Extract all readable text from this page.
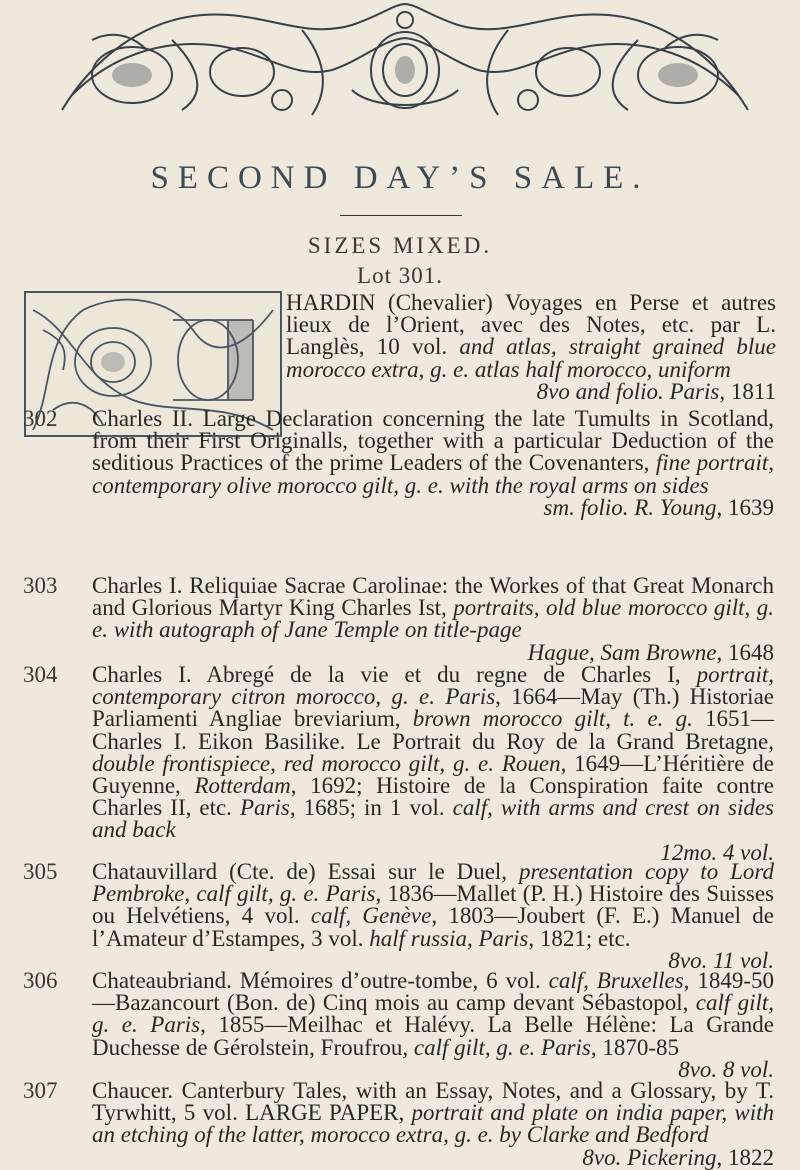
SECOND DAY’S SALE.
SIZES MIXED.
Lot 301.
HARDIN (Chevalier) Voyages en Perse et autres lieux de l’Orient, avec des Notes, etc. par L. Langlès, 10 vol. and atlas, straight grained blue morocco extra, g. e. atlas half morocco, uniform
8vo and folio. Paris, 1811
302	Charles II. Large Declaration concerning the late Tumults in Scotland, from their First Originalls, together with a particular Deduction of the seditious Practices of the prime Leaders of the Covenanters, fine portrait, contemporary olive morocco gilt, g. e. with the royal arms on sides
sm. folio. R. Young, 1639
303	Charles I. Reliquiae Sacrae Carolinae: the Workes of that Great Monarch and Glorious Martyr King Charles Ist, portraits, old blue morocco gilt, g. e. with autograph of Jane Temple on title-page
Hague, Sam Browne, 1648
304	Charles I. Abregé de la vie et du regne de Charles I, portrait, contemporary citron morocco, g. e. Paris, 1664—May (Th.) Historiae Parliamenti Angliae breviarium, brown morocco gilt, t. e. g. 1651—Charles I. Eikon Basilike. Le Portrait du Roy de la Grand Bretagne, double frontispiece, red morocco gilt, g. e. Rouen, 1649—L’Héritière de Guyenne, Rotterdam, 1692; Histoire de la Conspiration faite contre Charles II, etc. Paris, 1685; in 1 vol. calf, with arms and crest on sides and back
12mo. 4 vol.
305	Chatauvillard (Cte. de) Essai sur le Duel, presentation copy to Lord Pembroke, calf gilt, g. e. Paris, 1836—Mallet (P. H.) Histoire des Suisses ou Helvétiens, 4 vol. calf, Genève, 1803—Joubert (F. E.) Manuel de l’Amateur d’Estampes, 3 vol. half russia, Paris, 1821; etc.
8vo. 11 vol.
306	Chateaubriand. Mémoires d’outre-tombe, 6 vol. calf, Bruxelles, 1849-50—Bazancourt (Bon. de) Cinq mois au camp devant Sébastopol, calf gilt, g. e. Paris, 1855—Meilhac et Halévy. La Belle Hélène: La Grande Duchesse de Gérolstein, Froufrou, calf gilt, g. e. Paris, 1870-85
8vo. 8 vol.
307	Chaucer. Canterbury Tales, with an Essay, Notes, and a Glossary, by T. Tyrwhitt, 5 vol. LARGE PAPER, portrait and plate on india paper, with an etching of the latter, morocco extra, g. e. by Clarke and Bedford
8vo. Pickering, 1822
